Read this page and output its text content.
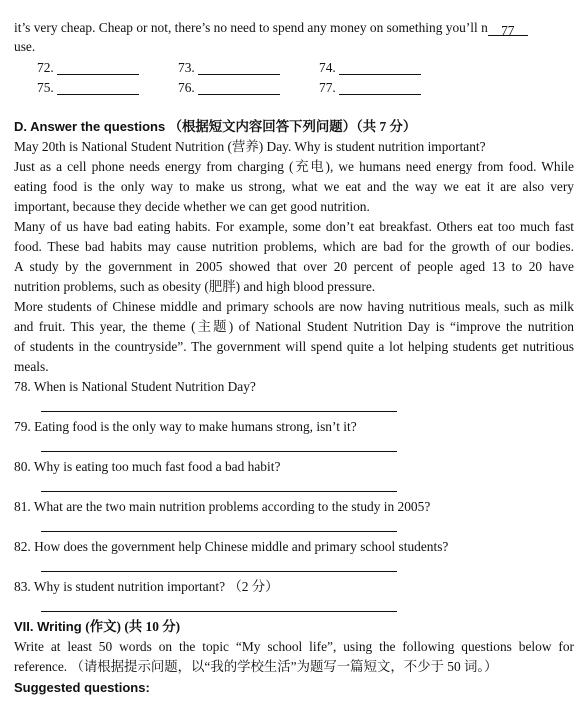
it’s very cheap. Cheap or not, there’s no need to spend any money on something you’ll n 77
use.
72.	73.	74.
75.	76.	77.
D. Answer the questions （根据短文内容回答下列问题）（共 7 分）
May 20th is National Student Nutrition (营养) Day. Why is student nutrition important?
Just as a cell phone needs energy from charging (充电), we humans need energy from food. While
eating food is the only way to make us strong, what we eat and the way we eat it are also very
important, because they decide whether we can get good nutrition.
Many of us have bad eating habits. For example, some don’t eat breakfast. Others eat too much fast
food. These bad habits may cause nutrition problems, which are bad for the growth of our bodies.
A study by the government in 2005 showed that over 20 percent of people aged 13 to 20 have
nutrition problems, such as obesity (肥胖) and high blood pressure.
More students of Chinese middle and primary schools are now having nutritious meals, such as milk
and fruit. This year, the theme (主题) of National Student Nutrition Day is “improve the nutrition
of students in the countryside”. The government will spend quite a lot helping students get nutritious
meals.
78. When is National Student Nutrition Day?
79. Eating food is the only way to make humans strong, isn’t it?
80. Why is eating too much fast food a bad habit?
81. What are the two main nutrition problems according to the study in 2005?
82. How does the government help Chinese middle and primary school students?
83. Why is student nutrition important? （2 分）
VII. Writing (作文) (共 10 分)
Write at least 50 words on the topic “My school life”, using the following questions below for
reference. （请根据提示问题，以“我的学校生活”为题写一篇短文，不少于 50 词。）
Suggested questions:
